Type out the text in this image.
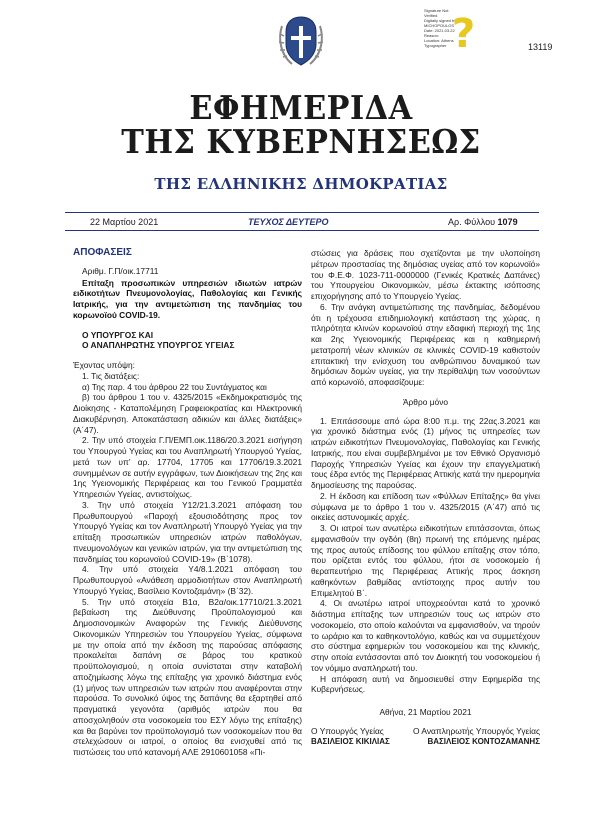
Signature Not
Verified
Digitally signed by
MICHOPOULOS
Date: 2021.03.22
Reason:
Location: Athens
Typographer ?	13119
ΕΦΗΜΕΡΙΔΑ
ΤΗΣ ΚΥΒΕΡΝΗΣΕΩΣ
ΤΗΣ ΕΛΛΗΝΙΚΗΣ ΔΗΜΟΚΡΑΤΙΑΣ
22 Μαρτίου 2021	ΤΕΥΧΟΣ ΔΕΥΤΕΡΟ	Αρ. Φύλλου 1079

ΑΠΟΦΑΣΕΙΣ

Αριθμ. Γ.Π/οικ.17711

Επίταξη προσωπικών υπηρεσιών ιδιωτών ιατρών ειδικοτήτων Πνευμονολογίας, Παθολογίας και Γενικής Ιατρικής, για την αντιμετώπιση της πανδημίας του κορωνοϊού COVID-19.

Ο ΥΠΟΥΡΓΟΣ ΚΑΙ

Ο ΑΝΑΠΛΗΡΩΤΗΣ ΥΠΟΥΡΓΟΣ ΥΓΕΙΑΣ

Έχοντας υπόψη:

1. Τις διατάξεις:

α) Της παρ. 4 του άρθρου 22 του Συντάγματος και

β) του άρθρου 1 του ν. 4325/2015 «Εκδημοκρατισμός της Διοίκησης - Καταπολέμηση Γραφειοκρατίας και Ηλεκτρονική Διακυβέρνηση. Αποκατάσταση αδικιών και άλλες διατάξεις» (Α΄47).

2. Την υπό στοιχεία Γ.Π/ΕΜΠ.οικ.1186/20.3.2021 εισήγηση του Υπουργού Υγείας και του Αναπληρωτή Υπουργού Υγείας, μετά των υπ’ αρ. 17704, 17705 και 17706/19.3.2021 συνημμένων σε αυτήν εγγράφων, των Διοικήσεων της 2ης και 1ης Υγειονομικής Περιφέρειας και του Γενικού Γραμματέα Υπηρεσιών Υγείας, αντιστοίχως.

3. Την υπό στοιχεία Υ12/21.3.2021 απόφαση του Πρωθυπουργού «Παροχή εξουσιοδότησης προς τον Υπουργό Υγείας και τον Αναπληρωτή Υπουργό Υγείας για την επίταξη προσωπικών υπηρεσιών ιατρών παθολόγων, πνευμονολόγων και γενικών ιατρών, για την αντιμετώπιση της πανδημίας του κορωνοϊού COVID-19» (Β΄1078).

4. Την υπό στοιχεία Υ4/8.1.2021 απόφαση του Πρωθυπουργού «Ανάθεση αρμοδιοτήτων στον Αναπληρωτή Υπουργό Υγείας, Βασίλειο Κοντοζαμάνη» (Β΄32).

5. Την υπό στοιχεία Β1α, Β2α/οικ.17710/21.3.2021 βεβαίωση της Διεύθυνσης Προϋπολογισμού και Δημοσιονομικών Αναφορών της Γενικής Διεύθυνσης Οικονομικών Υπηρεσιών του Υπουργείου Υγείας, σύμφωνα με την οποία από την έκδοση της παρούσας απόφασης προκαλείται δαπάνη σε βάρος του κρατικού προϋπολογισμού, η οποία συνίσταται στην καταβολή αποζημίωσης λόγω της επίταξης για χρονικό διάστημα ενός (1) μήνος των υπηρεσιών των ιατρών που αναφέρονται στην παρούσα. Το συνολικό ύψος της δαπάνης θα εξαρτηθεί από πραγματικά γεγονότα (αριθμός ιατρών που θα αποσχοληθούν στα νοσοκομεία του ΕΣΥ λόγω της επίταξης) και θα βαρύνει τον προϋπολογισμό των νοσοκομείων που θα στελεχώσουν οι ιατροί, ο οποίος θα ενισχυθεί από τις πιστώσεις του υπό κατανομή ΑΛΕ 2910601058 «Πι-

στώσεις για δράσεις που σχετίζονται με την υλοποίηση μέτρων προστασίας της δημόσιας υγείας από τον κορωνοϊό» του Φ.Ε.Φ. 1023-711-0000000 (Γενικές Κρατικές Δαπάνες) του Υπουργείου Οικονομικών, μέσω έκτακτης ισόποσης επιχορήγησης από το Υπουργείο Υγείας.

6. Την ανάγκη αντιμετώπισης της πανδημίας, δεδομένου ότι η τρέχουσα επιδημιολογική κατάσταση της χώρας, η πληρότητα κλινών κορωνοϊού στην εδαφική περιοχή της 1ης και 2ης Υγειονομικής Περιφέρειας και η καθημερινή μετατροπή νέων κλινικών σε κλινικές COVID-19 καθιστούν επιτακτική την ενίσχυση του ανθρώπινου δυναμικού των δημόσιων δομών υγείας, για την περίθαλψη των νοσούντων από κορωνοϊό, αποφασίζουμε:

Άρθρο μόνο

1. Επιτάσσουμε από ώρα 8:00 π.μ. της 22ας.3.2021 και για χρονικό διάστημα ενός (1) μήνος τις υπηρεσίες των ιατρών ειδικοτήτων Πνευμονολογίας, Παθολογίας και Γενικής Ιατρικής, που είναι συμβεβλημένοι με τον Εθνικό Οργανισμό Παροχής Υπηρεσιών Υγείας και έχουν την επαγγελματική τους έδρα εντός της Περιφέρειας Αττικής κατά την ημερομηνία δημοσίευσης της παρούσας.

2. Η έκδοση και επίδοση των «Φύλλων Επίταξης» θα γίνει σύμφωνα με το άρθρο 1 του ν. 4325/2015 (Α΄47) από τις οικείες αστυνομικές αρχές.

3. Οι ιατροί των ανωτέρω ειδικοτήτων επιτάσσονται, όπως εμφανισθούν την ογδόη (8η) πρωινή της επόμενης ημέρας της προς αυτούς επίδοσης του φύλλου επίταξης στον τόπο, που ορίζεται εντός του φύλλου, ήτοι σε νοσοκομείο ή θεραπευτήριο της Περιφέρειας Αττικής προς άσκηση καθηκόντων βαθμίδας αντίστοιχης προς αυτήν του Επιμελητού Β΄.

4. Οι ανωτέρω ιατροί υποχρεούνται κατά το χρονικό διάστημα επίταξης των υπηρεσιών τους ως ιατρών στο νοσοκομείο, στο οποίο καλούνται να εμφανισθούν, να τηρούν το ωράριο και το καθηκοντολόγιο, καθώς και να συμμετέχουν στο σύστημα εφημεριών του νοσοκομείου και της κλινικής, στην οποία εντάσσονται από τον Διοικητή του νοσοκομείου ή τον νόμιμο αναπληρωτή του.

Η απόφαση αυτή να δημοσιευθεί στην Εφημερίδα της Κυβερνήσεως.

Αθήνα, 21 Μαρτίου 2021

Ο Υπουργός Υγείας	Ο Αναπληρωτής Υπουργός Υγείας
ΒΑΣΙΛΕΙΟΣ ΚΙΚΙΛΙΑΣ	ΒΑΣΙΛΕΙΟΣ ΚΟΝΤΟΖΑΜΑΝΗΣ
